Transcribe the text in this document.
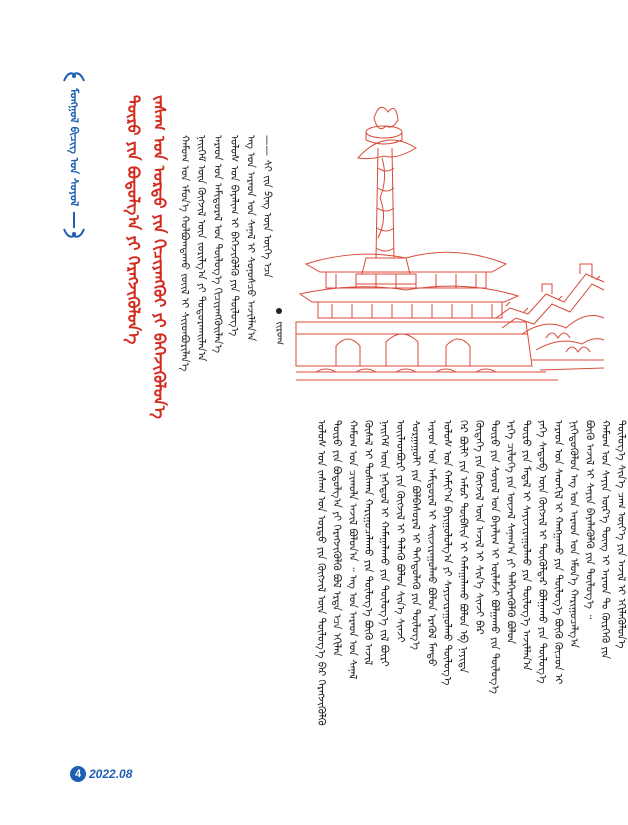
ᠮᠣᠩᠭᠣᠯ ᠪᠢᠴᠢᠭ ᠤᠨ ᠰᠣᠶᠣᠯ	ᠲᠥᠷᠥ ᠶᠢᠨ ᠪᠣᠳᠤᠯᠭ᠎ᠠ ᠶᠢ ᠬᠡᠷᠡᠭᠵᠢᠭᠦᠯᠦᠨ᠎ᠡ ᠵᠠᠰᠠᠭ ᠤᠨ ᠣᠷᠳᠣ ᠶᠢᠨ ᠬᠢᠴᠢᠶᠡᠩᠭᠦᠢ ᠶᠢ ᠪᠡᠬᠡᠵᠢᠭᠦᠯᠦᠨ᠎ᠡ ᠬᠠᠮᠤᠭ ᠤᠨ ᠡᠮᠦᠨ᠎ᠡ ᠬᠣᠯᠪᠣᠭᠳᠠᠬᠤ ᠵᠦᠢᠯ ᠢ ᠰᠢᠢᠳᠪᠦᠷᠢᠯᠡᠨ᠎ᠡ ᠨᠡᠢᠭᠡᠮ ᠦᠨ ᠬᠥᠭᠵᠢᠯ ᠦᠨ ᠵᠣᠷᠢᠯᠭ᠎ᠠ ᠶᠢ ᠲᠣᠳᠣᠷᠬᠠᠢᠯᠠᠨ᠎ᠠ ᠠᠷᠠᠳ ᠤᠨ ᠠᠮᠢᠳᠤᠷᠠᠯ ᠤᠨ ᠲᠥᠯᠦᠭ᠎ᠡ ᠬᠢᠴᠢᠶᠡᠩᠭᠦᠢᠯᠡᠨ᠎ᠡ ᠤᠯᠤᠰ ᠤᠨ ᠪᠠᠶᠠᠯᠢᠭ ᠢ ᠪᠡᠬᠡᠵᠢᠭᠦᠯᠬᠦ ᠶᠢᠨ ᠲᠥᠯᠦᠭ᠎ᠡ ᠡᠩ ᠤᠨ ᠠᠷᠠᠳ ᠤᠨ ᠰᠠᠨᠠᠯ ᠢ ᠰᠣᠨᠣᠰᠴᠤ ᠠᠵᠢᠯᠯᠠᠨ᠎ᠠ —— ᠰᠢ ᠵᠢᠨ ᠫᠢᠩ ᠦᠨ ᠦᠭᠡ ᠡᠴᠡ
ᠵᠢᠷᠤᠭ
ᠤᠯᠤᠰ ᠤᠨ ᠵᠠᠰᠠᠭ ᠤᠨ ᠣᠷᠳᠣ ᠶᠢᠨ ᠬᠥᠭᠵᠢᠯ ᠦᠨ ᠲᠥᠯᠦᠭ᠎ᠡ ᠪᠠᠷ ᠬᠡᠷᠡᠭᠵᠢᠭᠦᠯᠬᠦ ᠲᠥᠷᠥ ᠶᠢᠨ ᠪᠣᠳᠤᠯᠭ᠎ᠠ ᠶᠢ ᠬᠡᠷᠡᠭᠵᠢᠭᠦᠯᠬᠦ ᠪᠣᠯ ᠡᠷᠲᠡ ᠡᠴᠡ ᠡᠬᠢᠯᠡᠨ ᠬᠠᠮᠤᠭ ᠤᠨ ᠴᠢᠬᠤᠯᠠ ᠠᠵᠢᠯ ᠪᠣᠯᠤᠨ᠎ᠠ ᠃ ᠡᠩ ᠤᠨ ᠠᠷᠠᠳ ᠤᠨ ᠰᠠᠨᠠᠯ ᠬᠦᠰᠡᠯ ᠢ ᠲᠤᠰᠬᠠᠨ ᠬᠠᠷᠢᠭᠤᠴᠠᠯᠠᠬᠤ ᠶᠢᠨ ᠲᠥᠯᠦᠭ᠎ᠡ ᠪᠦᠬᠦ ᠠᠵᠢᠯ ᠨᠡᠢᠭᠡᠮ ᠦᠨ ᠨᠡᠭᠡᠳᠦᠯ ᠢ ᠬᠠᠮᠠᠭᠠᠯᠠᠬᠤ ᠶᠢᠨ ᠲᠥᠯᠦᠭ᠎ᠡ ᠵᠢᠯ ᠪᠦᠷᠢ ᠦᠢᠯᠡᠳᠪᠦᠷᠢ ᠶᠢᠨ ᠬᠥᠭᠵᠢᠯ ᠢ ᠲᠡᠯᠡᠬᠦ ᠪᠣᠯᠤᠨ ᠰᠢᠨ᠎ᠡ ᠰᠢᠨᠵᠢ ᠰᠤᠷᠭᠠᠭᠤᠯᠢ ᠶᠢᠨ ᠪᠣᠯᠪᠠᠰᠤᠷᠠᠯ ᠢ ᠳᠡᠭᠡᠳᠦᠯᠡᠬᠦ ᠶᠢᠨ ᠲᠥᠯᠦᠭ᠎ᠡ ᠠᠷᠠᠳ ᠤᠨ ᠠᠮᠢᠳᠤᠷᠠᠯ ᠢ ᠰᠠᠢᠵᠢᠷᠠᠭᠤᠯᠬᠤ ᠪᠣᠯᠤᠨ ᠡᠷᠡᠭᠦᠯ ᠮᠡᠨᠳᠦ ᠤᠯᠤᠰ ᠤᠨ ᠬᠠᠮᠢᠶ᠎ᠠ ᠪᠠᠶᠢᠭᠤᠯᠤᠯᠭ᠎ᠠ ᠶᠢ ᠰᠠᠶᠢᠵᠢᠷᠠᠭᠤᠯᠬᠤ ᠲᠥᠯᠦᠭ᠎ᠡ ᠭᠡᠷ ᠪᠦᠯᠢ ᠶᠢᠨ ᠠᠮᠤᠷ ᠲᠦᠪᠰᠢᠨ ᠢ ᠬᠠᠮᠠᠭᠠᠯᠠᠬᠤ ᠪᠣᠯᠤᠨ ᠡᠪ ᠨᠡᠶᠢᠲᠡ ᠬᠥᠳᠡᠭᠡ ᠶᠢᠨ ᠬᠥᠭᠵᠢᠯ ᠦᠨ ᠠᠵᠢᠯ ᠢ ᠰᠢᠨ᠎ᠡ ᠰᠢᠨᠵᠢ ᠪᠠᠷ ᠲᠥᠷᠥ ᠶᠢᠨ ᠰᠣᠶᠣᠯ ᠤᠨ ᠪᠠᠶᠠᠯᠢᠭ ᠢ ᠦᠯᠡᠮᠵᠢ ᠪᠣᠯᠭᠠᠬᠤ ᠶᠢᠨ ᠲᠥᠯᠦᠭ᠎ᠡ ᠡᠷᠬᠡ ᠴᠢᠯᠥᠭᠡ ᠶᠢᠨ ᠦᠵᠡᠯ ᠰᠠᠨᠠᠭ᠎ᠠ ᠶᠢ ᠳᠡᠯᠭᠡᠷᠡᠭᠦᠯᠬᠦ ᠪᠣᠯᠤᠨ ᠲᠥᠷᠥ ᠶᠢᠨ ᠮᠡᠳᠡᠯ ᠢ ᠰᠠᠶᠢᠵᠢᠷᠠᠭᠤᠯᠬᠤ ᠶᠢᠨ ᠲᠥᠯᠦᠭ᠎ᠡ ᠠᠵᠢᠯᠯᠠᠨ᠎ᠠ ᠶᠡᠬᠡ ᠰᠡᠳᠦᠪ ᠦᠨ ᠬᠥᠭᠵᠢᠯ ᠢ ᠲᠥᠭᠦᠯᠳᠡᠷ ᠪᠣᠯᠭᠠᠬᠤ ᠶᠢᠨ ᠲᠥᠯᠦᠭ᠎ᠡ ᠠᠷᠠᠳ ᠤᠨ ᠰᠡᠳᠬᠢᠯ ᠢ ᠬᠠᠩᠭᠠᠬᠤ ᠶᠢᠨ ᠲᠥᠯᠦᠭ᠎ᠡ ᠪᠦᠬᠦ ᠬᠦᠴᠦᠨ ᠢ ᠨᠢᠭᠡᠳᠦᠭᠦᠯᠦᠨ ᠡᠩ ᠤᠨ ᠠᠷᠠᠳ ᠤᠨ ᠡᠮᠦᠨ᠎ᠡ ᠬᠠᠷᠢᠭᠤᠴᠠᠯᠭ᠎ᠠ ᠪᠦᠬᠦ ᠠᠵᠢᠯ ᠢ ᠰᠠᠶᠢᠨ ᠪᠡᠶᠡᠯᠡᠭᠦᠯᠬᠦ ᠶᠢᠨ ᠲᠥᠯᠦᠭ᠎ᠡ ᠃ ᠬᠠᠮᠤᠭ ᠤᠨ ᠰᠠᠶᠢᠨ ᠦᠷ᠎ᠡ ᠳᠦᠩ ᠢ ᠠᠷᠠᠳ ᠲᠤ ᠬᠦᠷᠭᠡᠬᠦ ᠶᠢᠨ ᠲᠥᠯᠦᠭ᠎ᠡ ᠰᠢᠨ᠎ᠡ ᠴᠠᠭ ᠦᠶ᠎ᠡ ᠶᠢᠨ ᠠᠵᠢᠯ ᠢ ᠡᠬᠢᠯᠡᠭᠦᠯᠦᠨ᠎ᠡ
4 2022.08
